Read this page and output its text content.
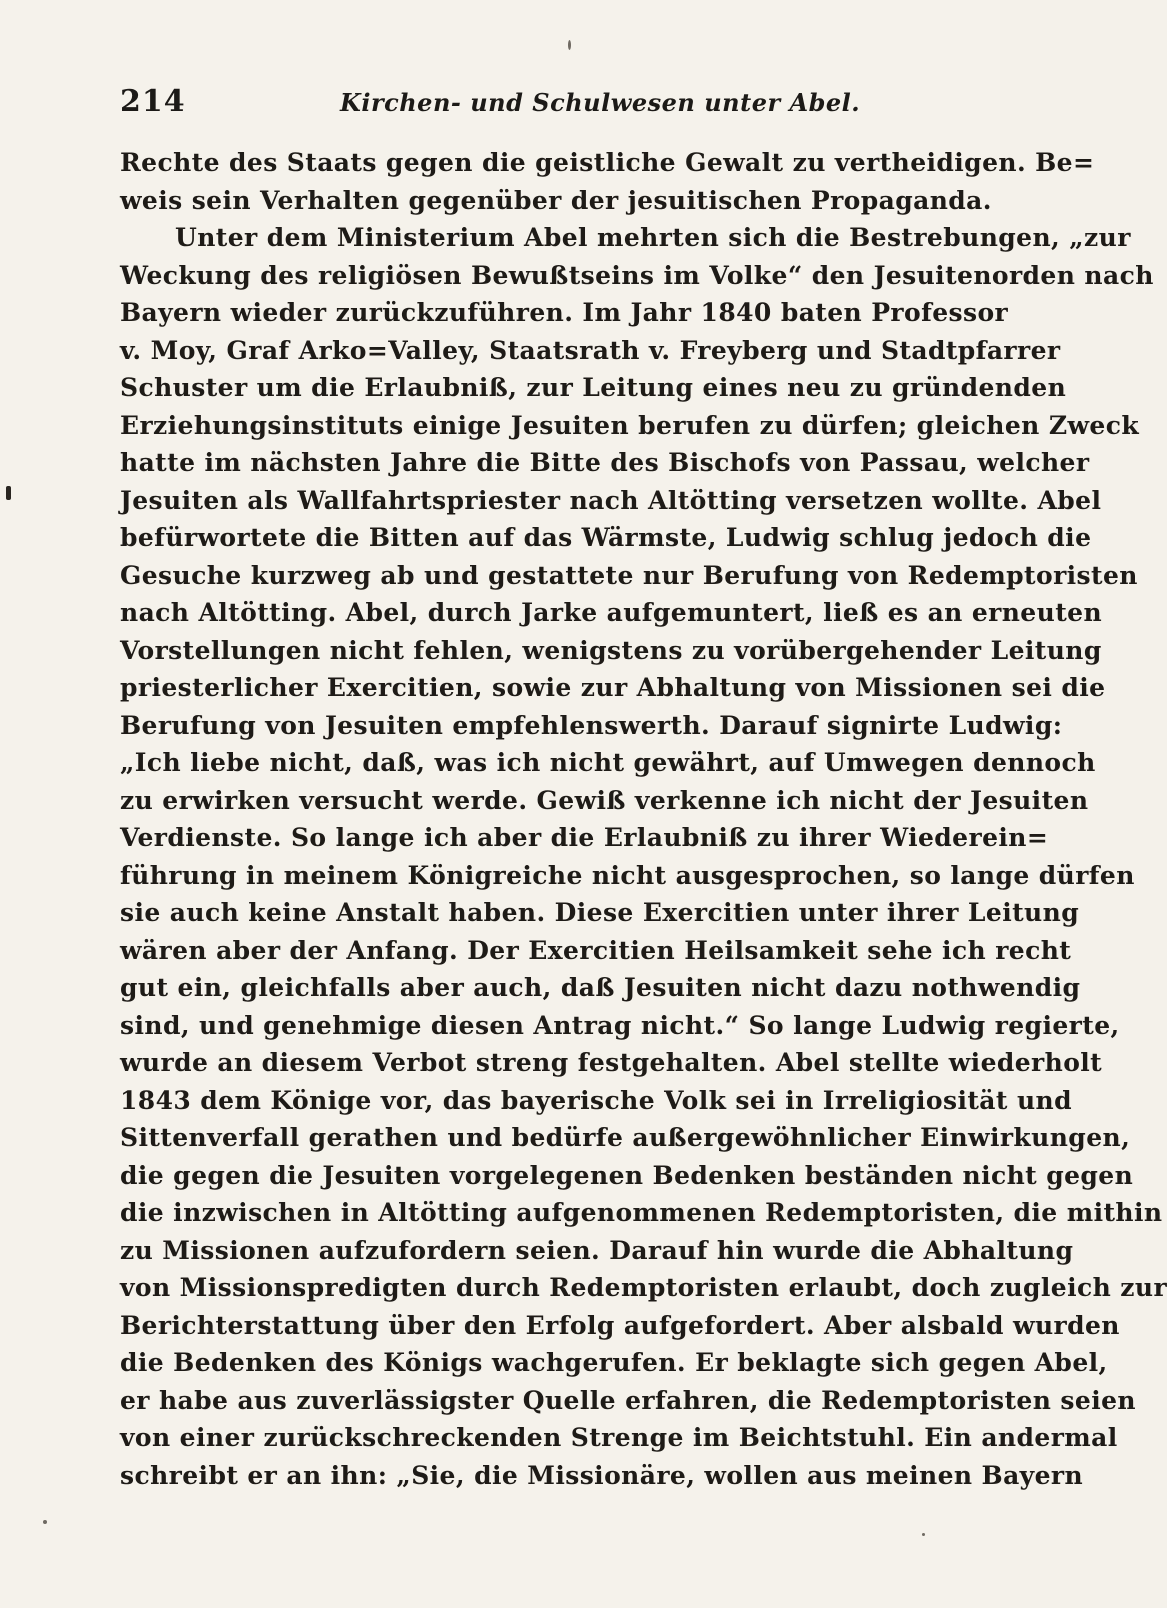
214	Kirchen- und Schulwesen unter Abel.
Rechte des Staats gegen die geistliche Gewalt zu vertheidigen. Be=
weis sein Verhalten gegenüber der jesuitischen Propaganda.
Unter dem Ministerium Abel mehrten sich die Bestrebungen, „zur
Weckung des religiösen Bewußtseins im Volke“ den Jesuitenorden nach
Bayern wieder zurückzuführen. Im Jahr 1840 baten Professor
v. Moy, Graf Arko=Valley, Staatsrath v. Freyberg und Stadtpfarrer
Schuster um die Erlaubniß, zur Leitung eines neu zu gründenden
Erziehungsinstituts einige Jesuiten berufen zu dürfen; gleichen Zweck
hatte im nächsten Jahre die Bitte des Bischofs von Passau, welcher
Jesuiten als Wallfahrtspriester nach Altötting versetzen wollte. Abel
befürwortete die Bitten auf das Wärmste, Ludwig schlug jedoch die
Gesuche kurzweg ab und gestattete nur Berufung von Redemptoristen
nach Altötting. Abel, durch Jarke aufgemuntert, ließ es an erneuten
Vorstellungen nicht fehlen, wenigstens zu vorübergehender Leitung
priesterlicher Exercitien, sowie zur Abhaltung von Missionen sei die
Berufung von Jesuiten empfehlenswerth. Darauf signirte Ludwig:
„Ich liebe nicht, daß, was ich nicht gewährt, auf Umwegen dennoch
zu erwirken versucht werde. Gewiß verkenne ich nicht der Jesuiten
Verdienste. So lange ich aber die Erlaubniß zu ihrer Wiederein=
führung in meinem Königreiche nicht ausgesprochen, so lange dürfen
sie auch keine Anstalt haben. Diese Exercitien unter ihrer Leitung
wären aber der Anfang. Der Exercitien Heilsamkeit sehe ich recht
gut ein, gleichfalls aber auch, daß Jesuiten nicht dazu nothwendig
sind, und genehmige diesen Antrag nicht.“ So lange Ludwig regierte,
wurde an diesem Verbot streng festgehalten. Abel stellte wiederholt
1843 dem Könige vor, das bayerische Volk sei in Irreligiosität und
Sittenverfall gerathen und bedürfe außergewöhnlicher Einwirkungen,
die gegen die Jesuiten vorgelegenen Bedenken beständen nicht gegen
die inzwischen in Altötting aufgenommenen Redemptoristen, die mithin
zu Missionen aufzufordern seien. Darauf hin wurde die Abhaltung
von Missionspredigten durch Redemptoristen erlaubt, doch zugleich zur
Berichterstattung über den Erfolg aufgefordert. Aber alsbald wurden
die Bedenken des Königs wachgerufen. Er beklagte sich gegen Abel,
er habe aus zuverlässigster Quelle erfahren, die Redemptoristen seien
von einer zurückschreckenden Strenge im Beichtstuhl. Ein andermal
schreibt er an ihn: „Sie, die Missionäre, wollen aus meinen Bayern
